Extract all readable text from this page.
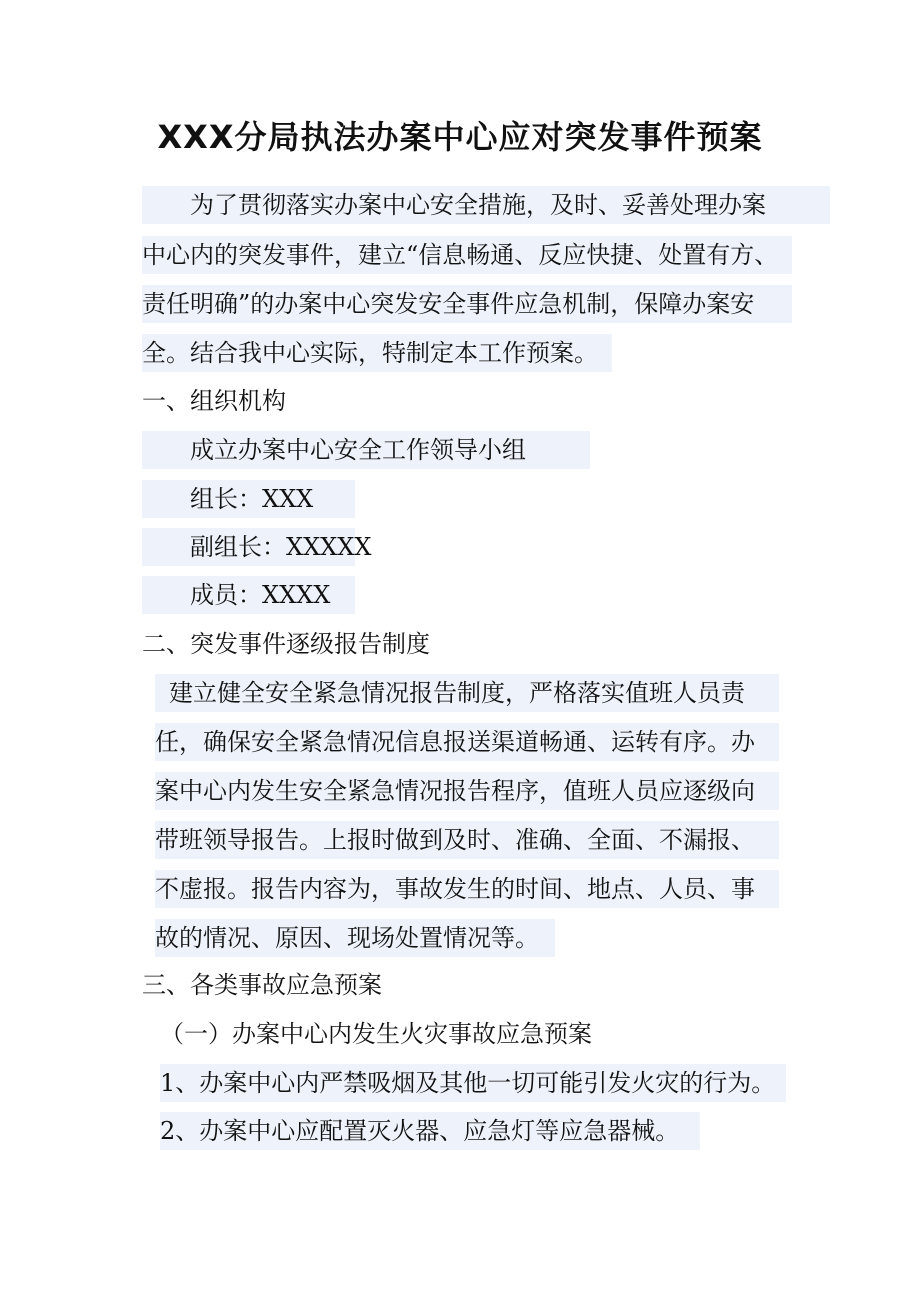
XXX分局执法办案中心应对突发事件预案
为了贯彻落实办案中心安全措施，及时、妥善处理办案
中心内的突发事件，建立“信息畅通、反应快捷、处置有方、
责任明确”的办案中心突发安全事件应急机制，保障办案安
全。结合我中心实际，特制定本工作预案。
一、组织机构
成立办案中心安全工作领导小组
组长：XXX
副组长：XXXXX
成员：XXXX
二、突发事件逐级报告制度
建立健全安全紧急情况报告制度，严格落实值班人员责
任，确保安全紧急情况信息报送渠道畅通、运转有序。办
案中心内发生安全紧急情况报告程序，值班人员应逐级向
带班领导报告。上报时做到及时、准确、全面、不漏报、
不虚报。报告内容为，事故发生的时间、地点、人员、事
故的情况、原因、现场处置情况等。
三、各类事故应急预案
（一）办案中心内发生火灾事故应急预案
1、办案中心内严禁吸烟及其他一切可能引发火灾的行为。
2、办案中心应配置灭火器、应急灯等应急器械。
